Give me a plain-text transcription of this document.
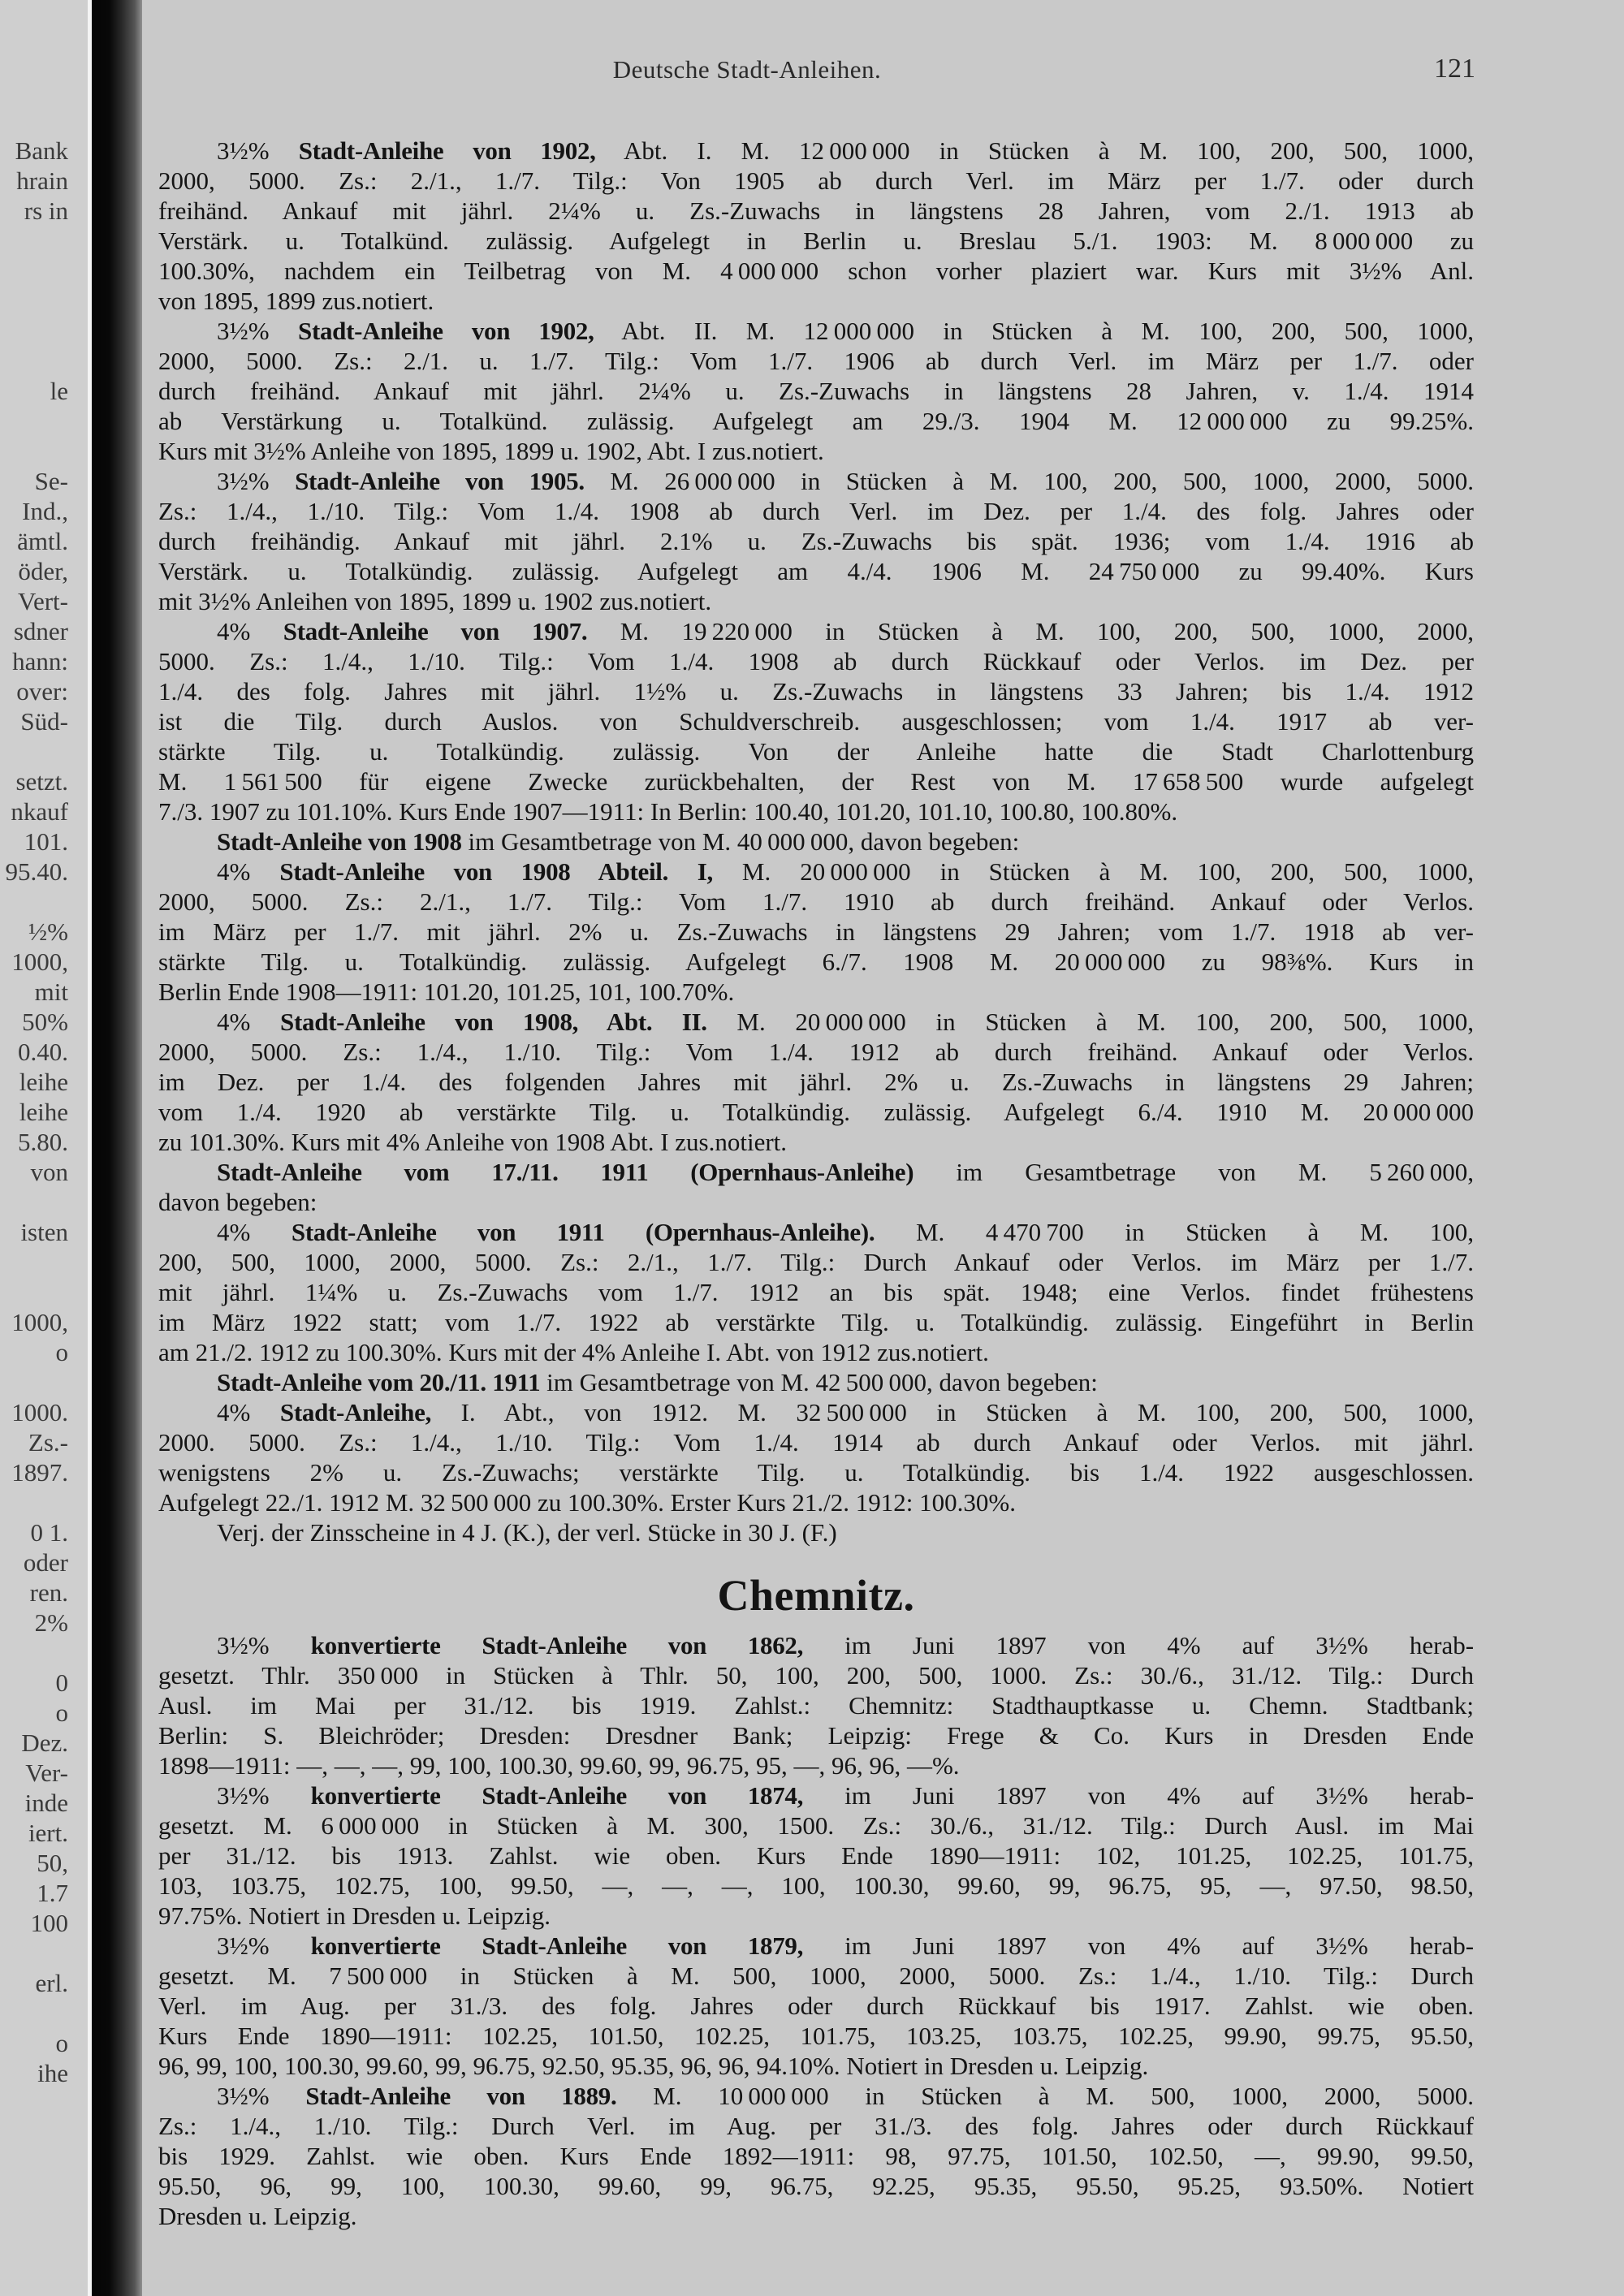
Bank
hrain
rs in
le
Se-
Ind.,
ämtl.
öder,
Vert-
sdner
hann:
over:
Süd-
setzt.
nkauf
101.
95.40.
½%
1000,
mit
50%
0.40.
leihe
leihe
5.80.
von
isten
1000,
o
1000.
Zs.-
1897.
0 1.
oder
ren.
2%
0
o
Dez.
Ver-
inde
iert.
50,
1.7
100
erl.
o
ihe
Deutsche Stadt-Anleihen.	121
3½% Stadt-Anleihe von 1902, Abt. I. M. 12 000 000 in Stücken à M. 100, 200, 500, 1000,
2000, 5000. Zs.: 2./1., 1./7. Tilg.: Von 1905 ab durch Verl. im März per 1./7. oder durch
freihänd. Ankauf mit jährl. 2¼% u. Zs.-Zuwachs in längstens 28 Jahren, vom 2./1. 1913 ab
Verstärk. u. Totalkünd. zulässig. Aufgelegt in Berlin u. Breslau 5./1. 1903: M. 8 000 000 zu
100.30%, nachdem ein Teilbetrag von M. 4 000 000 schon vorher plaziert war. Kurs mit 3½% Anl.
von 1895, 1899 zus.notiert.
3½% Stadt-Anleihe von 1902, Abt. II. M. 12 000 000 in Stücken à M. 100, 200, 500, 1000,
2000, 5000. Zs.: 2./1. u. 1./7. Tilg.: Vom 1./7. 1906 ab durch Verl. im März per 1./7. oder
durch freihänd. Ankauf mit jährl. 2¼% u. Zs.-Zuwachs in längstens 28 Jahren, v. 1./4. 1914
ab Verstärkung u. Totalkünd. zulässig. Aufgelegt am 29./3. 1904 M. 12 000 000 zu 99.25%.
Kurs mit 3½% Anleihe von 1895, 1899 u. 1902, Abt. I zus.notiert.
3½% Stadt-Anleihe von 1905. M. 26 000 000 in Stücken à M. 100, 200, 500, 1000, 2000, 5000.
Zs.: 1./4., 1./10. Tilg.: Vom 1./4. 1908 ab durch Verl. im Dez. per 1./4. des folg. Jahres oder
durch freihändig. Ankauf mit jährl. 2.1% u. Zs.-Zuwachs bis spät. 1936; vom 1./4. 1916 ab
Verstärk. u. Totalkündig. zulässig. Aufgelegt am 4./4. 1906 M. 24 750 000 zu 99.40%. Kurs
mit 3½% Anleihen von 1895, 1899 u. 1902 zus.notiert.
4% Stadt-Anleihe von 1907. M. 19 220 000 in Stücken à M. 100, 200, 500, 1000, 2000,
5000. Zs.: 1./4., 1./10. Tilg.: Vom 1./4. 1908 ab durch Rückkauf oder Verlos. im Dez. per
1./4. des folg. Jahres mit jährl. 1½% u. Zs.-Zuwachs in längstens 33 Jahren; bis 1./4. 1912
ist die Tilg. durch Auslos. von Schuldverschreib. ausgeschlossen; vom 1./4. 1917 ab ver-
stärkte Tilg. u. Totalkündig. zulässig. Von der Anleihe hatte die Stadt Charlottenburg
M. 1 561 500 für eigene Zwecke zurückbehalten, der Rest von M. 17 658 500 wurde aufgelegt
7./3. 1907 zu 101.10%. Kurs Ende 1907—1911: In Berlin: 100.40, 101.20, 101.10, 100.80, 100.80%.
Stadt-Anleihe von 1908 im Gesamtbetrage von M. 40 000 000, davon begeben:
4% Stadt-Anleihe von 1908 Abteil. I, M. 20 000 000 in Stücken à M. 100, 200, 500, 1000,
2000, 5000. Zs.: 2./1., 1./7. Tilg.: Vom 1./7. 1910 ab durch freihänd. Ankauf oder Verlos.
im März per 1./7. mit jährl. 2% u. Zs.-Zuwachs in längstens 29 Jahren; vom 1./7. 1918 ab ver-
stärkte Tilg. u. Totalkündig. zulässig. Aufgelegt 6./7. 1908 M. 20 000 000 zu 98⅜%. Kurs in
Berlin Ende 1908—1911: 101.20, 101.25, 101, 100.70%.
4% Stadt-Anleihe von 1908, Abt. II. M. 20 000 000 in Stücken à M. 100, 200, 500, 1000,
2000, 5000. Zs.: 1./4., 1./10. Tilg.: Vom 1./4. 1912 ab durch freihänd. Ankauf oder Verlos.
im Dez. per 1./4. des folgenden Jahres mit jährl. 2% u. Zs.-Zuwachs in längstens 29 Jahren;
vom 1./4. 1920 ab verstärkte Tilg. u. Totalkündig. zulässig. Aufgelegt 6./4. 1910 M. 20 000 000
zu 101.30%. Kurs mit 4% Anleihe von 1908 Abt. I zus.notiert.
Stadt-Anleihe vom 17./11. 1911 (Opernhaus-Anleihe) im Gesamtbetrage von M. 5 260 000,
davon begeben:
4% Stadt-Anleihe von 1911 (Opernhaus-Anleihe). M. 4 470 700 in Stücken à M. 100,
200, 500, 1000, 2000, 5000. Zs.: 2./1., 1./7. Tilg.: Durch Ankauf oder Verlos. im März per 1./7.
mit jährl. 1¼% u. Zs.-Zuwachs vom 1./7. 1912 an bis spät. 1948; eine Verlos. findet frühestens
im März 1922 statt; vom 1./7. 1922 ab verstärkte Tilg. u. Totalkündig. zulässig. Eingeführt in Berlin
am 21./2. 1912 zu 100.30%. Kurs mit der 4% Anleihe I. Abt. von 1912 zus.notiert.
Stadt-Anleihe vom 20./11. 1911 im Gesamtbetrage von M. 42 500 000, davon begeben:
4% Stadt-Anleihe, I. Abt., von 1912. M. 32 500 000 in Stücken à M. 100, 200, 500, 1000,
2000. 5000. Zs.: 1./4., 1./10. Tilg.: Vom 1./4. 1914 ab durch Ankauf oder Verlos. mit jährl.
wenigstens 2% u. Zs.-Zuwachs; verstärkte Tilg. u. Totalkündig. bis 1./4. 1922 ausgeschlossen.
Aufgelegt 22./1. 1912 M. 32 500 000 zu 100.30%. Erster Kurs 21./2. 1912: 100.30%.
Verj. der Zinsscheine in 4 J. (K.), der verl. Stücke in 30 J. (F.)
Chemnitz.
3½% konvertierte Stadt-Anleihe von 1862, im Juni 1897 von 4% auf 3½% herab-
gesetzt. Thlr. 350 000 in Stücken à Thlr. 50, 100, 200, 500, 1000. Zs.: 30./6., 31./12. Tilg.: Durch
Ausl. im Mai per 31./12. bis 1919. Zahlst.: Chemnitz: Stadthauptkasse u. Chemn. Stadtbank;
Berlin: S. Bleichröder; Dresden: Dresdner Bank; Leipzig: Frege & Co. Kurs in Dresden Ende
1898—1911: —, —, —, 99, 100, 100.30, 99.60, 99, 96.75, 95, —, 96, 96, —%.
3½% konvertierte Stadt-Anleihe von 1874, im Juni 1897 von 4% auf 3½% herab-
gesetzt. M. 6 000 000 in Stücken à M. 300, 1500. Zs.: 30./6., 31./12. Tilg.: Durch Ausl. im Mai
per 31./12. bis 1913. Zahlst. wie oben. Kurs Ende 1890—1911: 102, 101.25, 102.25, 101.75,
103, 103.75, 102.75, 100, 99.50, —, —, —, 100, 100.30, 99.60, 99, 96.75, 95, —, 97.50, 98.50,
97.75%. Notiert in Dresden u. Leipzig.
3½% konvertierte Stadt-Anleihe von 1879, im Juni 1897 von 4% auf 3½% herab-
gesetzt. M. 7 500 000 in Stücken à M. 500, 1000, 2000, 5000. Zs.: 1./4., 1./10. Tilg.: Durch
Verl. im Aug. per 31./3. des folg. Jahres oder durch Rückkauf bis 1917. Zahlst. wie oben.
Kurs Ende 1890—1911: 102.25, 101.50, 102.25, 101.75, 103.25, 103.75, 102.25, 99.90, 99.75, 95.50,
96, 99, 100, 100.30, 99.60, 99, 96.75, 92.50, 95.35, 96, 96, 94.10%. Notiert in Dresden u. Leipzig.
3½% Stadt-Anleihe von 1889. M. 10 000 000 in Stücken à M. 500, 1000, 2000, 5000.
Zs.: 1./4., 1./10. Tilg.: Durch Verl. im Aug. per 31./3. des folg. Jahres oder durch Rückkauf
bis 1929. Zahlst. wie oben. Kurs Ende 1892—1911: 98, 97.75, 101.50, 102.50, —, 99.90, 99.50,
95.50, 96, 99, 100, 100.30, 99.60, 99, 96.75, 92.25, 95.35, 95.50, 95.25, 93.50%. Notiert
Dresden u. Leipzig.
